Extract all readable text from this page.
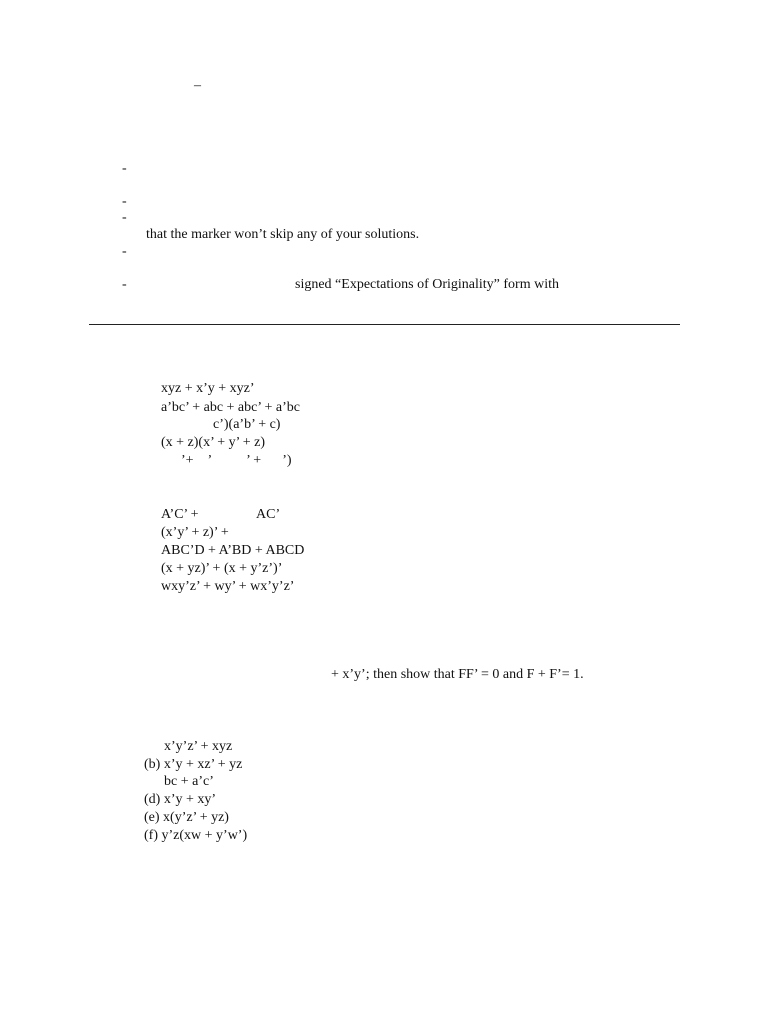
–
-
-
-
that the marker won’t skip any of your solutions.
-
-	signed “Expectations of Originality” form with
xyz + x’y + xyz’
a’bc’ + abc + abc’ + a’bc
c’)(a’b’ + c)
(x + z)(x’ + y’ + z)
’+    ’          ’ +      ’)
A’C’ +	AC’
(x’y’ + z)’ +
ABC’D + A’BD + ABCD
(x + yz)’ + (x + y’z’)’
wxy’z’ + wy’ + wx’y’z’
+ x’y’; then show that FF’ = 0 and F + F’= 1.
x’y’z’ + xyz
(b) x’y + xz’ + yz
bc + a’c’
(d) x’y + xy’
(e) x(y’z’ + yz)
(f) y’z(xw + y’w’)
